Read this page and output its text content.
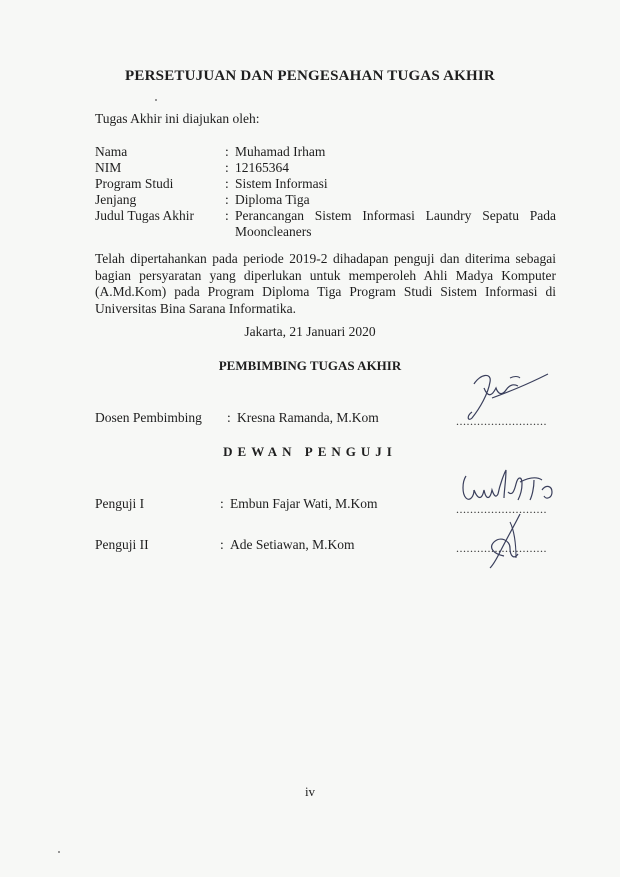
PERSETUJUAN DAN PENGESAHAN TUGAS AKHIR
Tugas Akhir ini diajukan oleh:
Nama	: Muhamad Irham
NIM	: 12165364
Program Studi	: Sistem Informasi
Jenjang	: Diploma Tiga
Judul Tugas Akhir	: Perancangan Sistem Informasi Laundry Sepatu Pada
Mooncleaners
Telah dipertahankan pada periode 2019-2 dihadapan penguji dan diterima sebagai bagian persyaratan yang diperlukan untuk memperoleh Ahli Madya Komputer (A.Md.Kom) pada Program Diploma Tiga Program Studi Sistem Informasi di Universitas Bina Sarana Informatika.
Jakarta, 21 Januari 2020
PEMBIMBING TUGAS AKHIR
Dosen Pembimbing	: Kresna Ramanda, M.Kom	..........................
DEWAN PENGUJI
Penguji I	: Embun Fajar Wati, M.Kom	..........................
Penguji II	: Ade Setiawan, M.Kom	..........................
iv
